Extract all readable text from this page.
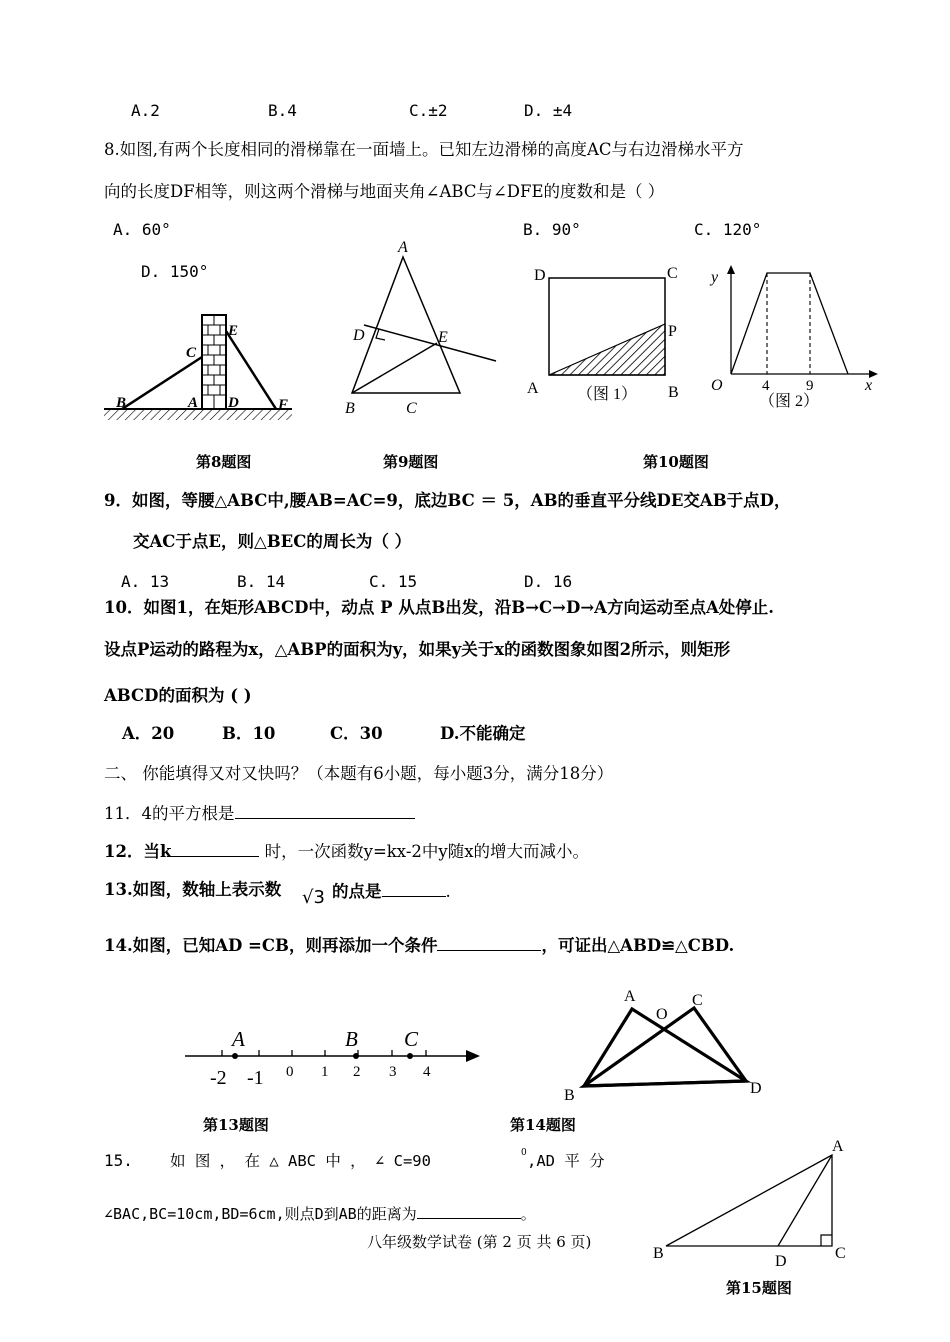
A.2	B.4	C.±2	D. ±4
8.如图,有两个长度相同的滑梯靠在一面墙上。已知左边滑梯的高度AC与右边滑梯水平方
向的长度DF相等，则这两个滑梯与地面夹角∠ABC与∠DFE的度数和是（ ）
A. 60°	B. 90°	C. 120°
D. 150°
E
C
B	A D	F
A
D	E
B	C
D	C
P
A	B
（图 1）
y
O	4 9	x
（图 2）
第8题图	第9题图	第10题图
9．如图，等腰△ABC中,腰AB=AC=9，底边BC ＝ 5，AB的垂直平分线DE交AB于点D，
交AC于点E，则△BEC的周长为（ ）
A. 13	B. 14	C. 15	D. 16
10．如图1，在矩形ABCD中，动点 P 从点B出发，沿B→C→D→A方向运动至点A处停止.
设点P运动的路程为x，△ABP的面积为y，如果y关于x的函数图象如图2所示，则矩形
ABCD的面积为 ( )
A．20	B．10	C．30	D.不能确定
二、 你能填得又对又快吗？（本题有6小题，每小题3分，满分18分）
11．4的平方根是
12．当k	时，一次函数y=kx-2中y随x的增大而减小。
13.如图，数轴上表示数 √3 的点是	.
14.如图，已知AD =CB，则再添加一个条件	，可证出△ABD≌△CBD.
A	B C
-2 -1 0 1 2 3 4
A
O
C
B	D
第13题图	第14题图
15. 如 图 ， 在 △ ABC 中 ， ∠ C=90	0 ,AD 平 分
∠BAC,BC=10cm,BD=6cm,则点D到AB的距离为	。
A
B	D	C
第15题图
八年级数学试卷 (第 2 页 共 6 页)
